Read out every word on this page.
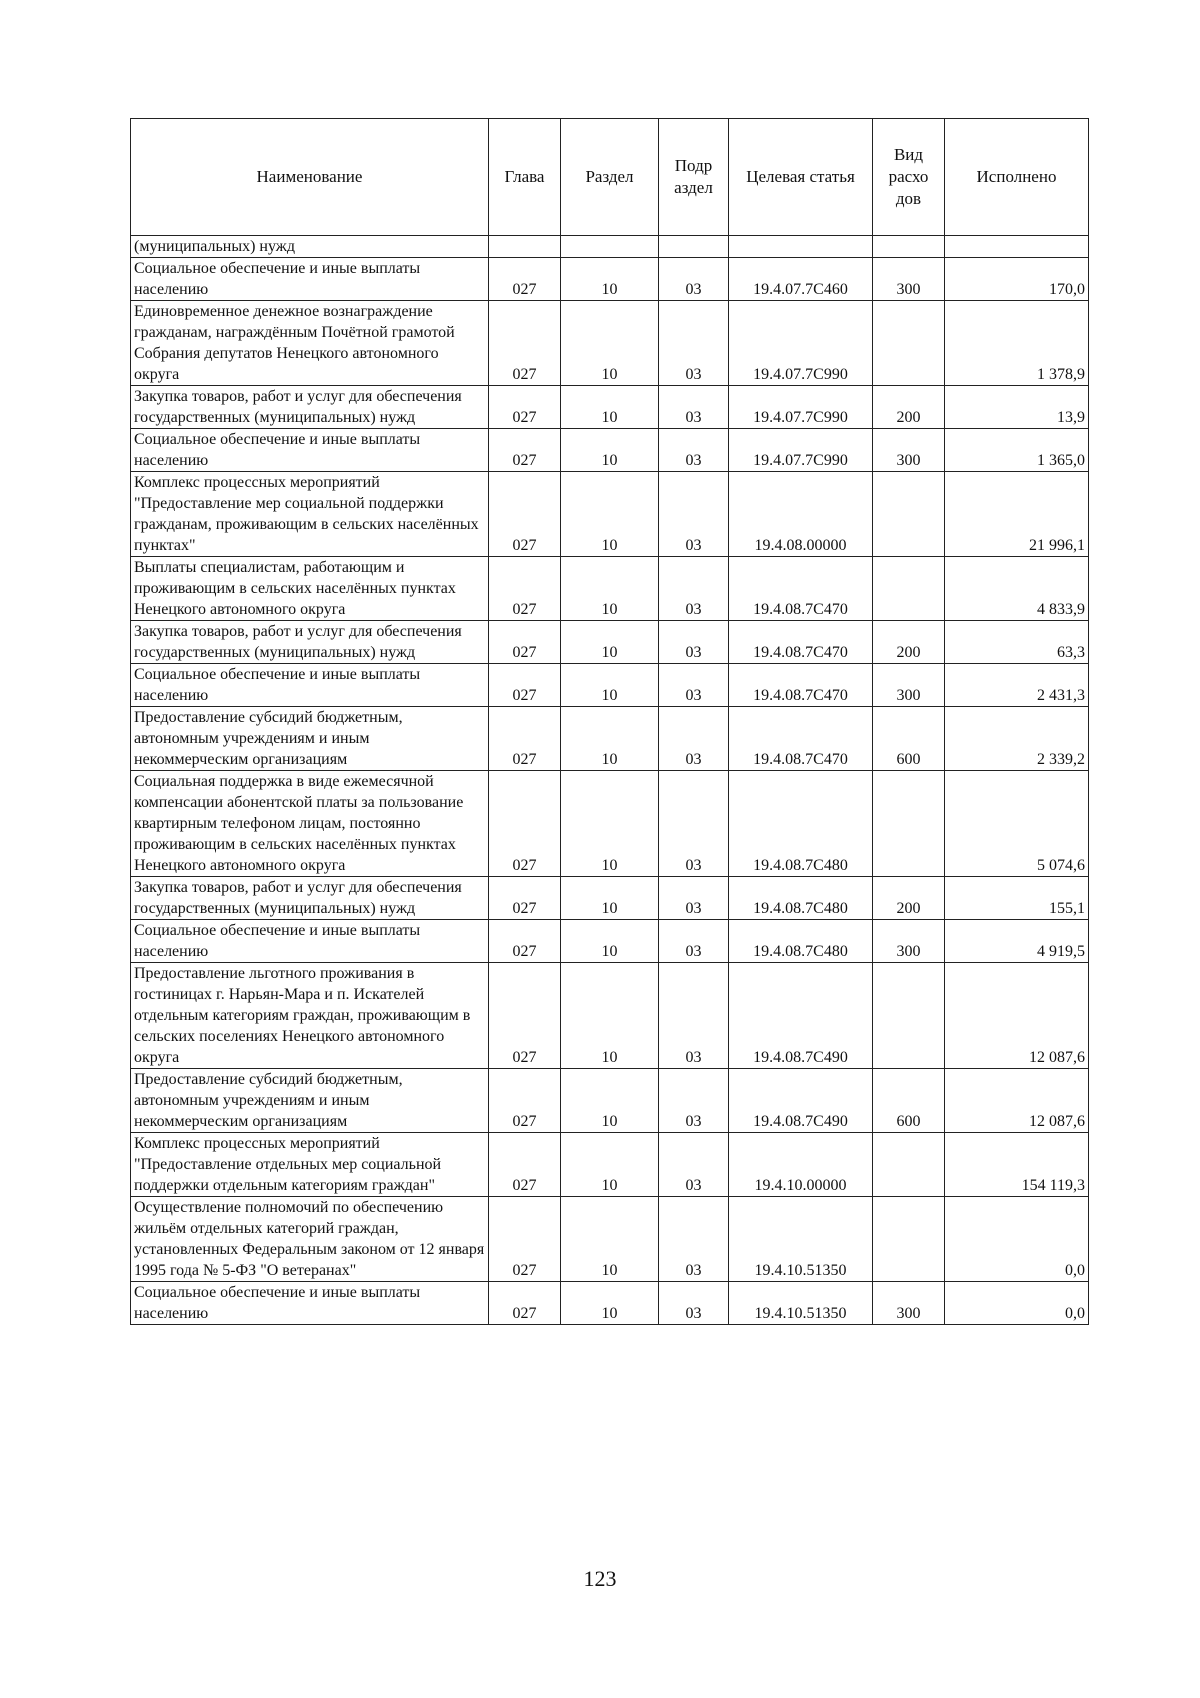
Наименование	Глава	Раздел	Подр аздел	Целевая статья	Вид расхо дов	Исполнено
(муниципальных) нужд						
Социальное обеспечение и иные выплаты населению	027	10	03	19.4.07.7С460	300	170,0
Единовременное денежное вознаграждение гражданам, награждённым Почётной грамотой Собрания депутатов Ненецкого автономного округа	027	10	03	19.4.07.7С990		1 378,9
Закупка товаров, работ и услуг для обеспечения государственных (муниципальных) нужд	027	10	03	19.4.07.7С990	200	13,9
Социальное обеспечение и иные выплаты населению	027	10	03	19.4.07.7С990	300	1 365,0
Комплекс процессных мероприятий "Предоставление мер социальной поддержки гражданам, проживающим в сельских населённых пунктах"	027	10	03	19.4.08.00000		21 996,1
Выплаты специалистам, работающим и проживающим в сельских населённых пунктах Ненецкого автономного округа	027	10	03	19.4.08.7С470		4 833,9
Закупка товаров, работ и услуг для обеспечения государственных (муниципальных) нужд	027	10	03	19.4.08.7С470	200	63,3
Социальное обеспечение и иные выплаты населению	027	10	03	19.4.08.7С470	300	2 431,3
Предоставление субсидий бюджетным, автономным учреждениям и иным некоммерческим организациям	027	10	03	19.4.08.7С470	600	2 339,2
Социальная поддержка в виде ежемесячной компенсации абонентской платы за пользование квартирным телефоном лицам, постоянно проживающим в сельских населённых пунктах Ненецкого автономного округа	027	10	03	19.4.08.7С480		5 074,6
Закупка товаров, работ и услуг для обеспечения государственных (муниципальных) нужд	027	10	03	19.4.08.7С480	200	155,1
Социальное обеспечение и иные выплаты населению	027	10	03	19.4.08.7С480	300	4 919,5
Предоставление льготного проживания в гостиницах г. Нарьян-Мара и п. Искателей отдельным категориям граждан, проживающим в сельских поселениях Ненецкого автономного округа	027	10	03	19.4.08.7С490		12 087,6
Предоставление субсидий бюджетным, автономным учреждениям и иным некоммерческим организациям	027	10	03	19.4.08.7С490	600	12 087,6
Комплекс процессных мероприятий "Предоставление отдельных мер социальной поддержки отдельным категориям граждан"	027	10	03	19.4.10.00000		154 119,3
Осуществление полномочий по обеспечению жильём отдельных категорий граждан, установленных Федеральным законом от 12 января 1995 года № 5-ФЗ "О ветеранах"	027	10	03	19.4.10.51350		0,0
Социальное обеспечение и иные выплаты населению	027	10	03	19.4.10.51350	300	0,0
123
